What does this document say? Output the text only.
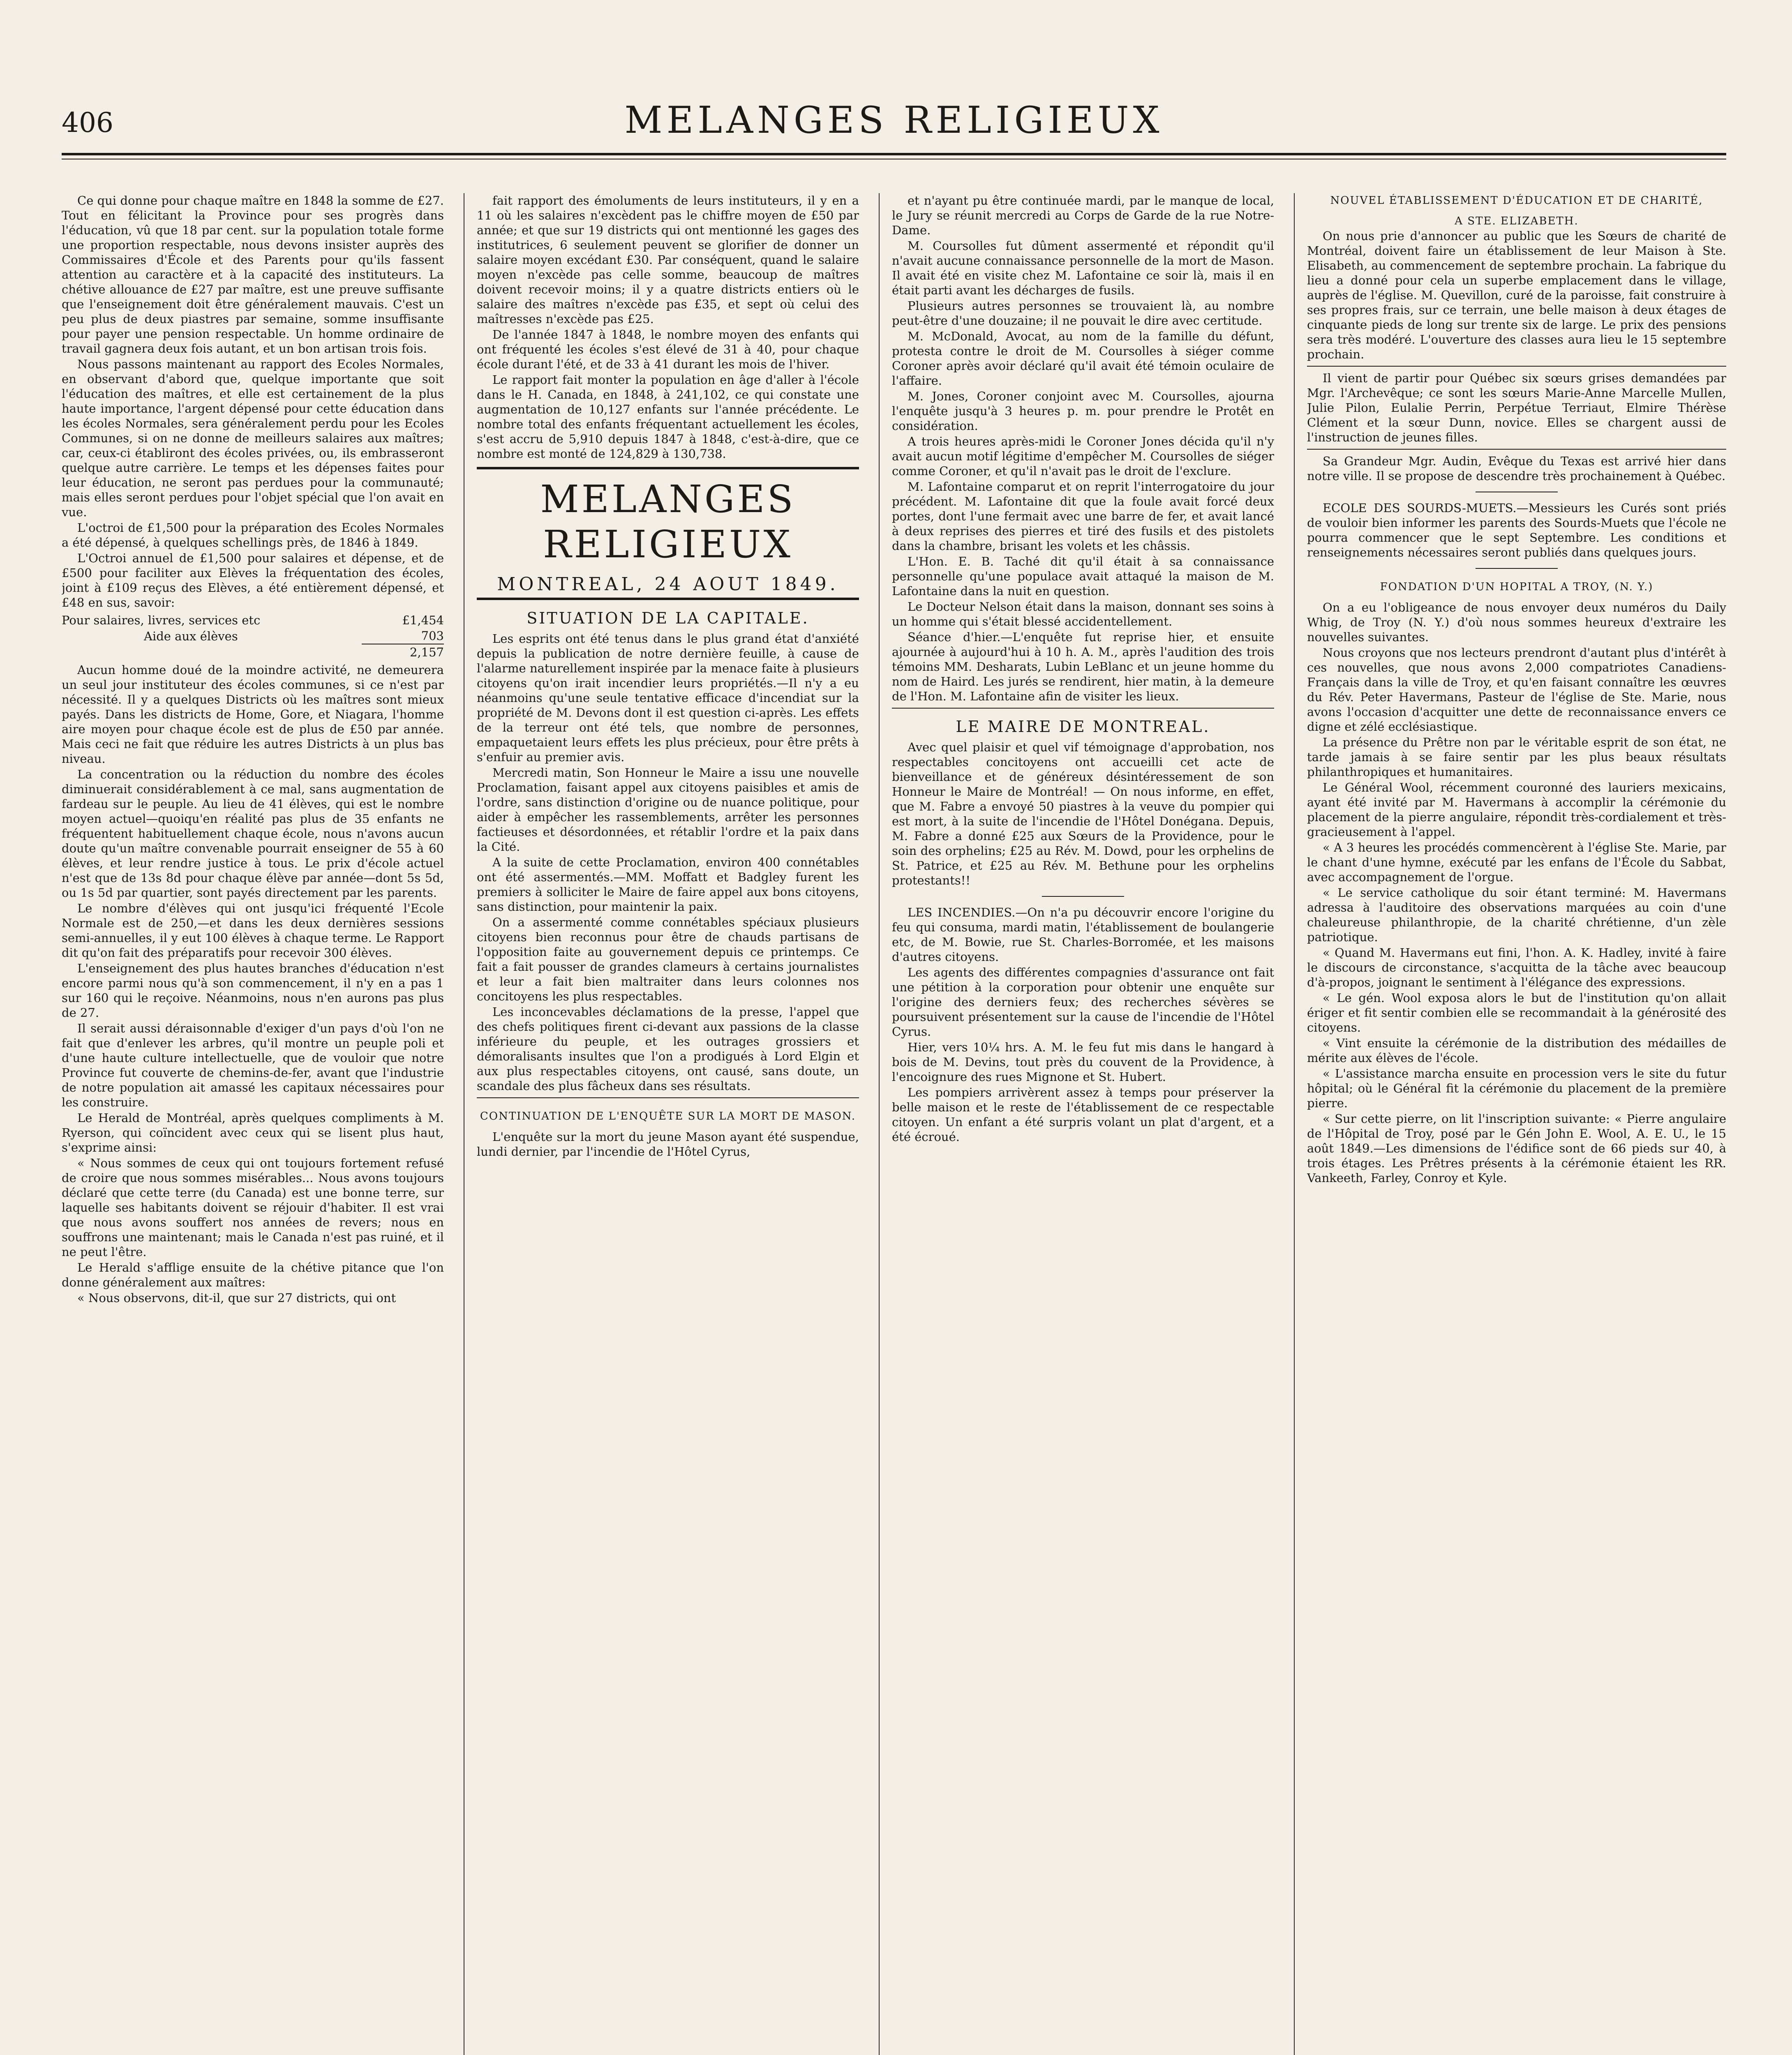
406	MELANGES RELIGIEUX

Ce qui donne pour chaque maître en 1848 la somme de £27. Tout en félicitant la Province pour ses progrès dans l'éducation, vû que 18 par cent. sur la population totale forme une proportion respectable, nous devons insister auprès des Commissaires d'École et des Parents pour qu'ils fassent attention au caractère et à la capacité des instituteurs. La chétive allouance de £27 par maître, est une preuve suffisante que l'enseignement doit être généralement mauvais. C'est un peu plus de deux piastres par semaine, somme insuffisante pour payer une pension respectable. Un homme ordinaire de travail gagnera deux fois autant, et un bon artisan trois fois.

Nous passons maintenant au rapport des Ecoles Normales, en observant d'abord que, quelque importante que soit l'éducation des maîtres, et elle est certainement de la plus haute importance, l'argent dépensé pour cette éducation dans les écoles Normales, sera généralement perdu pour les Ecoles Communes, si on ne donne de meilleurs salaires aux maîtres; car, ceux-ci établiront des écoles privées, ou, ils embrasseront quelque autre carrière. Le temps et les dépenses faites pour leur éducation, ne seront pas perdues pour la communauté; mais elles seront perdues pour l'objet spécial que l'on avait en vue.

L'octroi de £1,500 pour la préparation des Ecoles Normales a été dépensé, à quelques schellings près, de 1846 à 1849.

L'Octroi annuel de £1,500 pour salaires et dépense, et de £500 pour faciliter aux Elèves la fréquentation des écoles, joint à £109 reçus des Elèves, a été entièrement dépensé, et £48 en sus, savoir:

Pour salaires, livres, services etc	£1,454
Aide aux élèves	703
	2,157

Aucun homme doué de la moindre activité, ne demeurera un seul jour instituteur des écoles communes, si ce n'est par nécessité. Il y a quelques Districts où les maîtres sont mieux payés. Dans les districts de Home, Gore, et Niagara, l'homme aire moyen pour chaque école est de plus de £50 par année. Mais ceci ne fait que réduire les autres Districts à un plus bas niveau.

La concentration ou la réduction du nombre des écoles diminuerait considérablement à ce mal, sans augmentation de fardeau sur le peuple. Au lieu de 41 élèves, qui est le nombre moyen actuel—quoiqu'en réalité pas plus de 35 enfants ne fréquentent habituellement chaque école, nous n'avons aucun doute qu'un maître convenable pourrait enseigner de 55 à 60 élèves, et leur rendre justice à tous. Le prix d'école actuel n'est que de 13s 8d pour chaque élève par année—dont 5s 5d, ou 1s 5d par quartier, sont payés directement par les parents.

Le nombre d'élèves qui ont jusqu'ici fréquenté l'Ecole Normale est de 250,—et dans les deux dernières sessions semi-annuelles, il y eut 100 élèves à chaque terme. Le Rapport dit qu'on fait des préparatifs pour recevoir 300 élèves.

L'enseignement des plus hautes branches d'éducation n'est encore parmi nous qu'à son commencement, il n'y en a pas 1 sur 160 qui le reçoive. Néanmoins, nous n'en aurons pas plus de 27.

Il serait aussi déraisonnable d'exiger d'un pays d'où l'on ne fait que d'enlever les arbres, qu'il montre un peuple poli et d'une haute culture intellectuelle, que de vouloir que notre Province fut couverte de chemins-de-fer, avant que l'industrie de notre population ait amassé les capitaux nécessaires pour les construire.

Le Herald de Montréal, après quelques compliments à M. Ryerson, qui coïncident avec ceux qui se lisent plus haut, s'exprime ainsi:

« Nous sommes de ceux qui ont toujours fortement refusé de croire que nous sommes misérables... Nous avons toujours déclaré que cette terre (du Canada) est une bonne terre, sur laquelle ses habitants doivent se réjouir d'habiter. Il est vrai que nous avons souffert nos années de revers; nous en souffrons une maintenant; mais le Canada n'est pas ruiné, et il ne peut l'être.

Le Herald s'afflige ensuite de la chétive pitance que l'on donne généralement aux maîtres:

« Nous observons, dit-il, que sur 27 districts, qui ont

fait rapport des émoluments de leurs instituteurs, il y en a 11 où les salaires n'excèdent pas le chiffre moyen de £50 par année; et que sur 19 districts qui ont mentionné les gages des institutrices, 6 seulement peuvent se glorifier de donner un salaire moyen excédant £30. Par conséquent, quand le salaire moyen n'excède pas celle somme, beaucoup de maîtres doivent recevoir moins; il y a quatre districts entiers où le salaire des maîtres n'excède pas £35, et sept où celui des maîtresses n'excède pas £25.

De l'année 1847 à 1848, le nombre moyen des enfants qui ont fréquenté les écoles s'est élevé de 31 à 40, pour chaque école durant l'été, et de 33 à 41 durant les mois de l'hiver.

Le rapport fait monter la population en âge d'aller à l'école dans le H. Canada, en 1848, à 241,102, ce qui constate une augmentation de 10,127 enfants sur l'année précédente. Le nombre total des enfants fréquentant actuellement les écoles, s'est accru de 5,910 depuis 1847 à 1848, c'est-à-dire, que ce nombre est monté de 124,829 à 130,738.

MELANGES RELIGIEUX
MONTREAL, 24 AOUT 1849.
SITUATION DE LA CAPITALE.

Les esprits ont été tenus dans le plus grand état d'anxiété depuis la publication de notre dernière feuille, à cause de l'alarme naturellement inspirée par la menace faite à plusieurs citoyens qu'on irait incendier leurs propriétés.—Il n'y a eu néanmoins qu'une seule tentative efficace d'incendiat sur la propriété de M. Devons dont il est question ci-après. Les effets de la terreur ont été tels, que nombre de personnes, empaquetaient leurs effets les plus précieux, pour être prêts à s'enfuir au premier avis.

Mercredi matin, Son Honneur le Maire a issu une nouvelle Proclamation, faisant appel aux citoyens paisibles et amis de l'ordre, sans distinction d'origine ou de nuance politique, pour aider à empêcher les rassemblements, arrêter les personnes factieuses et désordonnées, et rétablir l'ordre et la paix dans la Cité.

A la suite de cette Proclamation, environ 400 connétables ont été assermentés.—MM. Moffatt et Badgley furent les premiers à solliciter le Maire de faire appel aux bons citoyens, sans distinction, pour maintenir la paix.

On a assermenté comme connétables spéciaux plusieurs citoyens bien reconnus pour être de chauds partisans de l'opposition faite au gouvernement depuis ce printemps. Ce fait a fait pousser de grandes clameurs à certains journalistes et leur a fait bien maltraiter dans leurs colonnes nos concitoyens les plus respectables.

Les inconcevables déclamations de la presse, l'appel que des chefs politiques firent ci-devant aux passions de la classe inférieure du peuple, et les outrages grossiers et démoralisants insultes que l'on a prodigués à Lord Elgin et aux plus respectables citoyens, ont causé, sans doute, un scandale des plus fâcheux dans ses résultats.

CONTINUATION DE L'ENQUÊTE SUR LA MORT DE MASON.

L'enquête sur la mort du jeune Mason ayant été suspendue, lundi dernier, par l'incendie de l'Hôtel Cyrus,

et n'ayant pu être continuée mardi, par le manque de local, le Jury se réunit mercredi au Corps de Garde de la rue Notre-Dame.

M. Coursolles fut dûment assermenté et répondit qu'il n'avait aucune connaissance personnelle de la mort de Mason. Il avait été en visite chez M. Lafontaine ce soir là, mais il en était parti avant les décharges de fusils.

Plusieurs autres personnes se trouvaient là, au nombre peut-être d'une douzaine; il ne pouvait le dire avec certitude.

M. McDonald, Avocat, au nom de la famille du défunt, protesta contre le droit de M. Coursolles à siéger comme Coroner après avoir déclaré qu'il avait été témoin oculaire de l'affaire.

M. Jones, Coroner conjoint avec M. Coursolles, ajourna l'enquête jusqu'à 3 heures p. m. pour prendre le Protêt en considération.

A trois heures après-midi le Coroner Jones décida qu'il n'y avait aucun motif légitime d'empêcher M. Coursolles de siéger comme Coroner, et qu'il n'avait pas le droit de l'exclure.

M. Lafontaine comparut et on reprit l'interrogatoire du jour précédent. M. Lafontaine dit que la foule avait forcé deux portes, dont l'une fermait avec une barre de fer, et avait lancé à deux reprises des pierres et tiré des fusils et des pistolets dans la chambre, brisant les volets et les châssis.

L'Hon. E. B. Taché dit qu'il était à sa connaissance personnelle qu'une populace avait attaqué la maison de M. Lafontaine dans la nuit en question.

Le Docteur Nelson était dans la maison, donnant ses soins à un homme qui s'était blessé accidentellement.

Séance d'hier.—L'enquête fut reprise hier, et ensuite ajournée à aujourd'hui à 10 h. A. M., après l'audition des trois témoins MM. Desharats, Lubin LeBlanc et un jeune homme du nom de Haird. Les jurés se rendirent, hier matin, à la demeure de l'Hon. M. Lafontaine afin de visiter les lieux.

LE MAIRE DE MONTREAL.

Avec quel plaisir et quel vif témoignage d'approbation, nos respectables concitoyens ont accueilli cet acte de bienveillance et de généreux désintéressement de son Honneur le Maire de Montréal! — On nous informe, en effet, que M. Fabre a envoyé 50 piastres à la veuve du pompier qui est mort, à la suite de l'incendie de l'Hôtel Donégana. Depuis, M. Fabre a donné £25 aux Sœurs de la Providence, pour le soin des orphelins; £25 au Rév. M. Dowd, pour les orphelins de St. Patrice, et £25 au Rév. M. Bethune pour les orphelins protestants!!

LES INCENDIES.—On n'a pu découvrir encore l'origine du feu qui consuma, mardi matin, l'établissement de boulangerie etc, de M. Bowie, rue St. Charles-Borromée, et les maisons d'autres citoyens.

Les agents des différentes compagnies d'assurance ont fait une pétition à la corporation pour obtenir une enquête sur l'origine des derniers feux; des recherches sévères se poursuivent présentement sur la cause de l'incendie de l'Hôtel Cyrus.

Hier, vers 10¼ hrs. A. M. le feu fut mis dans le hangard à bois de M. Devins, tout près du couvent de la Providence, à l'encoignure des rues Mignone et St. Hubert.

Les pompiers arrivèrent assez à temps pour préserver la belle maison et le reste de l'établissement de ce respectable citoyen. Un enfant a été surpris volant un plat d'argent, et a été écroué.

NOUVEL ÉTABLISSEMENT D'ÉDUCATION ET DE CHARITÉ,
A STE. ELIZABETH.

On nous prie d'annoncer au public que les Sœurs de charité de Montréal, doivent faire un établissement de leur Maison à Ste. Elisabeth, au commencement de septembre prochain. La fabrique du lieu a donné pour cela un superbe emplacement dans le village, auprès de l'église. M. Quevillon, curé de la paroisse, fait construire à ses propres frais, sur ce terrain, une belle maison à deux étages de cinquante pieds de long sur trente six de large. Le prix des pensions sera très modéré. L'ouverture des classes aura lieu le 15 septembre prochain.

Il vient de partir pour Québec six sœurs grises demandées par Mgr. l'Archevêque; ce sont les sœurs Marie-Anne Marcelle Mullen, Julie Pilon, Eulalie Perrin, Perpétue Terriaut, Elmire Thérèse Clément et la sœur Dunn, novice. Elles se chargent aussi de l'instruction de jeunes filles.

Sa Grandeur Mgr. Audin, Evêque du Texas est arrivé hier dans notre ville. Il se propose de descendre très prochainement à Québec.

ECOLE DES SOURDS-MUETS.—Messieurs les Curés sont priés de vouloir bien informer les parents des Sourds-Muets que l'école ne pourra commencer que le sept Septembre. Les conditions et renseignements nécessaires seront publiés dans quelques jours.

FONDATION D'UN HOPITAL A TROY, (N. Y.)

On a eu l'obligeance de nous envoyer deux numéros du Daily Whig, de Troy (N. Y.) d'où nous sommes heureux d'extraire les nouvelles suivantes.

Nous croyons que nos lecteurs prendront d'autant plus d'intérêt à ces nouvelles, que nous avons 2,000 compatriotes Canadiens-Français dans la ville de Troy, et qu'en faisant connaître les œuvres du Rév. Peter Havermans, Pasteur de l'église de Ste. Marie, nous avons l'occasion d'acquitter une dette de reconnaissance envers ce digne et zélé ecclésiastique.

La présence du Prêtre non par le véritable esprit de son état, ne tarde jamais à se faire sentir par les plus beaux résultats philanthropiques et humanitaires.

Le Général Wool, récemment couronné des lauriers mexicains, ayant été invité par M. Havermans à accomplir la cérémonie du placement de la pierre angulaire, répondit très-cordialement et très-gracieusement à l'appel.

« A 3 heures les procédés commencèrent à l'église Ste. Marie, par le chant d'une hymne, exécuté par les enfans de l'École du Sabbat, avec accompagnement de l'orgue.

« Le service catholique du soir étant terminé: M. Havermans adressa à l'auditoire des observations marquées au coin d'une chaleureuse philanthropie, de la charité chrétienne, d'un zèle patriotique.

« Quand M. Havermans eut fini, l'hon. A. K. Hadley, invité à faire le discours de circonstance, s'acquitta de la tâche avec beaucoup d'à-propos, joignant le sentiment à l'élégance des expressions.

« Le gén. Wool exposa alors le but de l'institution qu'on allait ériger et fit sentir combien elle se recommandait à la générosité des citoyens.

« Vint ensuite la cérémonie de la distribution des médailles de mérite aux élèves de l'école.

« L'assistance marcha ensuite en procession vers le site du futur hôpital; où le Général fit la cérémonie du placement de la première pierre.

« Sur cette pierre, on lit l'inscription suivante: « Pierre angulaire de l'Hôpital de Troy, posé par le Gén John E. Wool, A. E. U., le 15 août 1849.—Les dimensions de l'édifice sont de 66 pieds sur 40, à trois étages. Les Prêtres présents à la cérémonie étaient les RR. Vankeeth, Farley, Conroy et Kyle.
